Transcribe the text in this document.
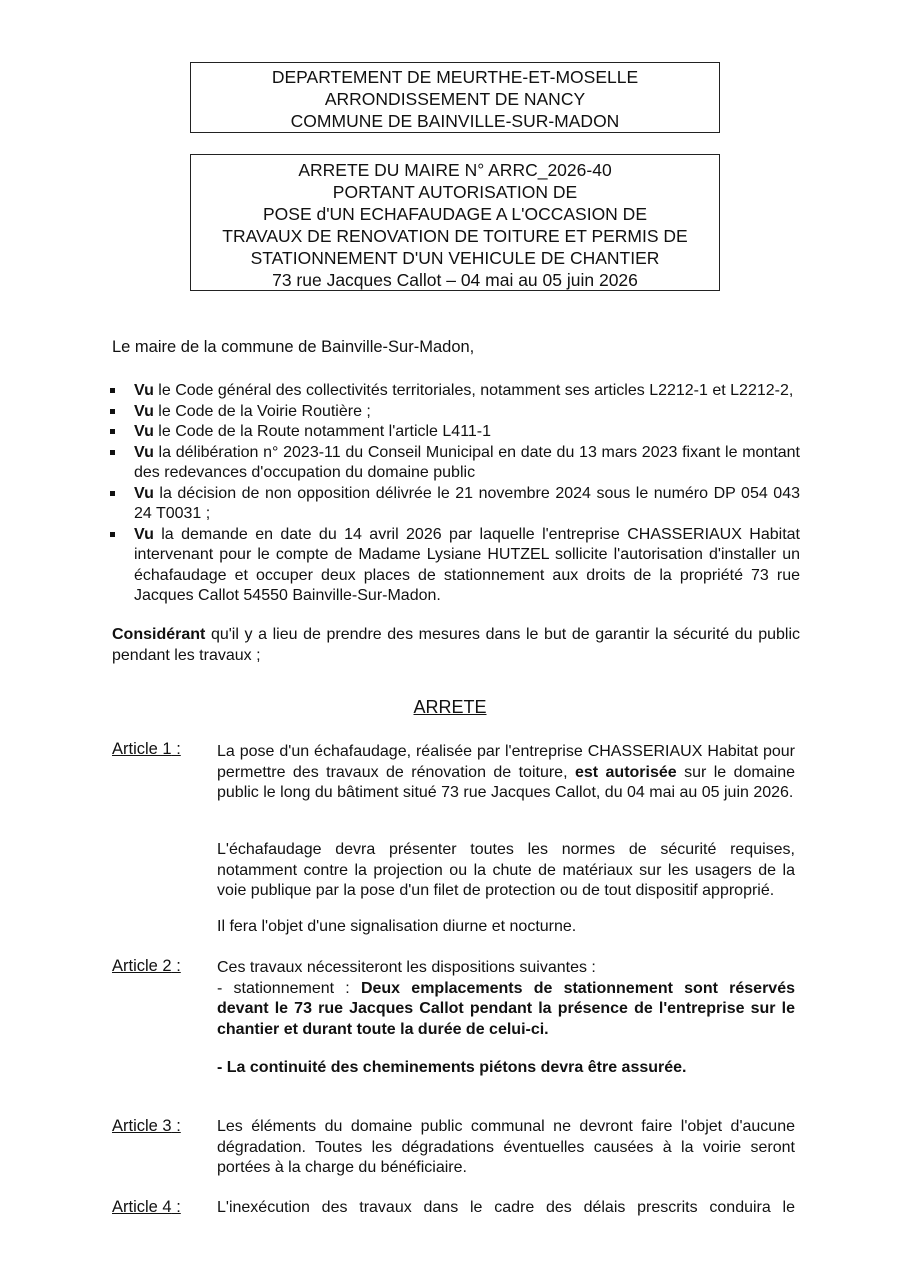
DEPARTEMENT DE MEURTHE-ET-MOSELLE
ARRONDISSEMENT DE NANCY
COMMUNE DE BAINVILLE-SUR-MADON
ARRETE DU MAIRE N° ARRC_2026-40
PORTANT AUTORISATION DE
POSE d'UN ECHAFAUDAGE A L'OCCASION DE
TRAVAUX DE RENOVATION DE TOITURE ET PERMIS DE
STATIONNEMENT D'UN VEHICULE DE CHANTIER
73 rue Jacques Callot – 04 mai au 05 juin 2026
Le maire de la commune de Bainville-Sur-Madon,
Vu le Code général des collectivités territoriales, notamment ses articles L2212-1 et L2212-2,
Vu le Code de la Voirie Routière ;
Vu le Code de la Route notamment l'article L411-1
Vu la délibération n° 2023-11 du Conseil Municipal en date du 13 mars 2023 fixant le montant des redevances d'occupation du domaine public
Vu la décision de non opposition délivrée le 21 novembre 2024 sous le numéro DP 054 043 24 T0031 ;
Vu la demande en date du 14 avril 2026 par laquelle l'entreprise CHASSERIAUX Habitat intervenant pour le compte de Madame Lysiane HUTZEL sollicite l'autorisation d'installer un échafaudage et occuper deux places de stationnement aux droits de la propriété 73 rue Jacques Callot 54550 Bainville-Sur-Madon.
Considérant qu'il y a lieu de prendre des mesures dans le but de garantir la sécurité du public pendant les travaux ;
ARRETE
Article 1 : La pose d'un échafaudage, réalisée par l'entreprise CHASSERIAUX Habitat pour permettre des travaux de rénovation de toiture, est autorisée sur le domaine public le long du bâtiment situé 73 rue Jacques Callot, du 04 mai au 05 juin 2026.
L'échafaudage devra présenter toutes les normes de sécurité requises, notamment contre la projection ou la chute de matériaux sur les usagers de la voie publique par la pose d'un filet de protection ou de tout dispositif approprié.
Il fera l'objet d'une signalisation diurne et nocturne.
Article 2 : Ces travaux nécessiteront les dispositions suivantes :
- stationnement : Deux emplacements de stationnement sont réservés devant le 73 rue Jacques Callot pendant la présence de l'entreprise sur le chantier et durant toute la durée de celui-ci.
- La continuité des cheminements piétons devra être assurée.
Article 3 : Les éléments du domaine public communal ne devront faire l'objet d'aucune dégradation. Toutes les dégradations éventuelles causées à la voirie seront portées à la charge du bénéficiaire.
Article 4 : L'inexécution des travaux dans le cadre des délais prescrits conduira le
